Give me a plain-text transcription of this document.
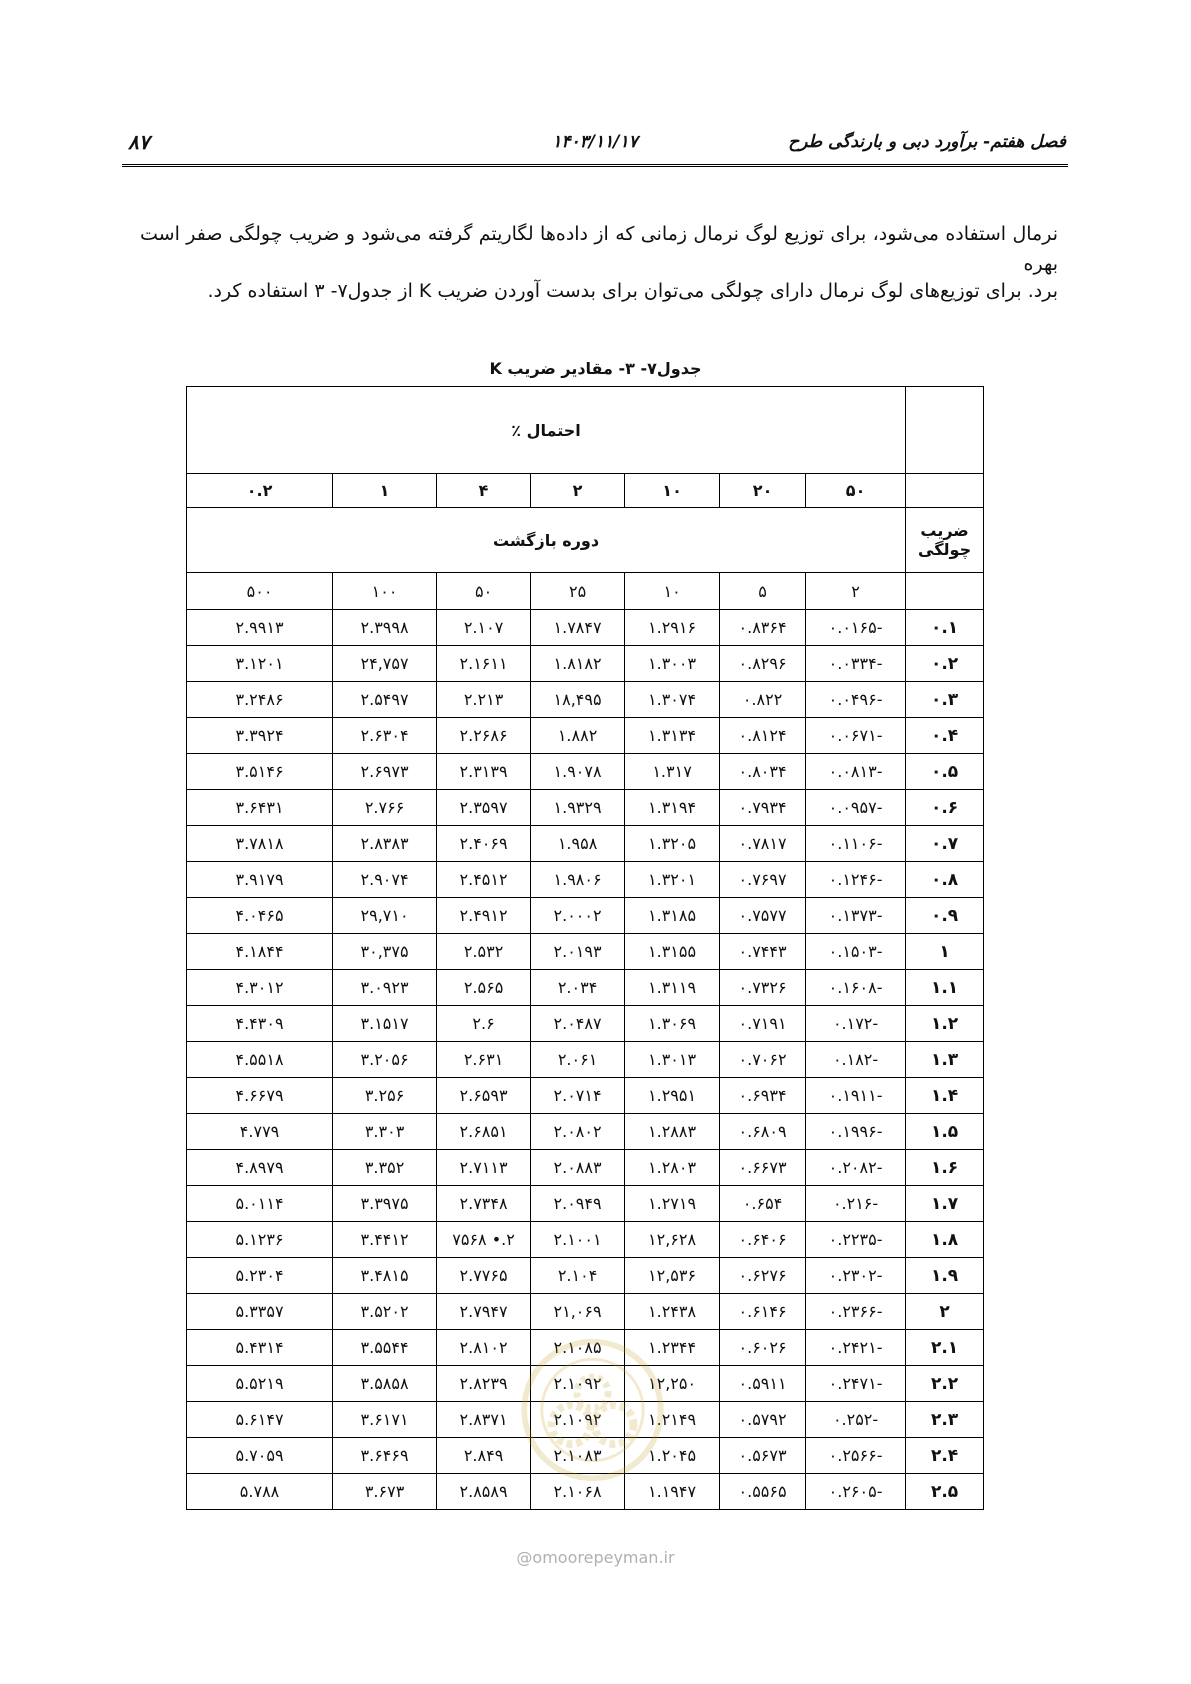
۸۷	۱۴۰۳/۱۱/۱۷	فصل هفتم- برآورد دبی و بارندگی طرح
نرمال استفاده می‌شود، برای توزیع لوگ نرمال زمانی که از داده‌ها لگاریتم گرفته می‌شود و ضریب چولگی صفر است بهره
برد. برای توزیع‌های لوگ نرمال دارای چولگی می‌توان برای بدست آوردن ضریب K از جدول۷- ۳ استفاده کرد.
جدول۷- ۳- مقادیر ضریب K
	احتمال ٪						
	۵۰	۲۰	۱۰	۲	۴	۱	۰.۲
ضریب چولگی	دوره بازگشت						
	۲	۵	۱۰	۲۵	۵۰	۱۰۰	۵۰۰
۰.۱	-۰.۰۱۶۵	۰.۸۳۶۴	۱.۲۹۱۶	۱.۷۸۴۷	۲.۱۰۷	۲.۳۹۹۸	۲.۹۹۱۳
۰.۲	-۰.۰۳۳۴	۰.۸۲۹۶	۱.۳۰۰۳	۱.۸۱۸۲	۲.۱۶۱۱	۲۴,۷۵۷	۳.۱۲۰۱
۰.۳	-۰.۰۴۹۶	۰.۸۲۲	۱.۳۰۷۴	۱۸,۴۹۵	۲.۲۱۳	۲.۵۴۹۷	۳.۲۴۸۶
۰.۴	-۰.۰۶۷۱	۰.۸۱۲۴	۱.۳۱۳۴	۱.۸۸۲	۲.۲۶۸۶	۲.۶۳۰۴	۳.۳۹۲۴
۰.۵	-۰.۰۸۱۳	۰.۸۰۳۴	۱.۳۱۷	۱.۹۰۷۸	۲.۳۱۳۹	۲.۶۹۷۳	۳.۵۱۴۶
۰.۶	-۰.۰۹۵۷	۰.۷۹۳۴	۱.۳۱۹۴	۱.۹۳۲۹	۲.۳۵۹۷	۲.۷۶۶	۳.۶۴۳۱
۰.۷	-۰.۱۱۰۶	۰.۷۸۱۷	۱.۳۲۰۵	۱.۹۵۸	۲.۴۰۶۹	۲.۸۳۸۳	۳.۷۸۱۸
۰.۸	-۰.۱۲۴۶	۰.۷۶۹۷	۱.۳۲۰۱	۱.۹۸۰۶	۲.۴۵۱۲	۲.۹۰۷۴	۳.۹۱۷۹
۰.۹	-۰.۱۳۷۳	۰.۷۵۷۷	۱.۳۱۸۵	۲.۰۰۰۲	۲.۴۹۱۲	۲۹,۷۱۰	۴.۰۴۶۵
۱	-۰.۱۵۰۳	۰.۷۴۴۳	۱.۳۱۵۵	۲.۰۱۹۳	۲.۵۳۲	۳۰,۳۷۵	۴.۱۸۴۴
۱.۱	-۰.۱۶۰۸	۰.۷۳۲۶	۱.۳۱۱۹	۲.۰۳۴	۲.۵۶۵	۳.۰۹۲۳	۴.۳۰۱۲
۱.۲	-۰.۱۷۲	۰.۷۱۹۱	۱.۳۰۶۹	۲.۰۴۸۷	۲.۶	۳.۱۵۱۷	۴.۴۳۰۹
۱.۳	-۰.۱۸۲	۰.۷۰۶۲	۱.۳۰۱۳	۲.۰۶۱	۲.۶۳۱	۳.۲۰۵۶	۴.۵۵۱۸
۱.۴	-۰.۱۹۱۱	۰.۶۹۳۴	۱.۲۹۵۱	۲.۰۷۱۴	۲.۶۵۹۳	۳.۲۵۶	۴.۶۶۷۹
۱.۵	-۰.۱۹۹۶	۰.۶۸۰۹	۱.۲۸۸۳	۲.۰۸۰۲	۲.۶۸۵۱	۳.۳۰۳	۴.۷۷۹
۱.۶	-۰.۲۰۸۲	۰.۶۶۷۳	۱.۲۸۰۳	۲.۰۸۸۳	۲.۷۱۱۳	۳.۳۵۲	۴.۸۹۷۹
۱.۷	-۰.۲۱۶	۰.۶۵۴	۱.۲۷۱۹	۲.۰۹۴۹	۲.۷۳۴۸	۳.۳۹۷۵	۵.۰۱۱۴
۱.۸	-۰.۲۲۳۵	۰.۶۴۰۶	۱۲,۶۲۸	۲.۱۰۰۱	۲.• ۷۵۶۸	۳.۴۴۱۲	۵.۱۲۳۶
۱.۹	-۰.۲۳۰۲	۰.۶۲۷۶	۱۲,۵۳۶	۲.۱۰۴	۲.۷۷۶۵	۳.۴۸۱۵	۵.۲۳۰۴
۲	-۰.۲۳۶۶	۰.۶۱۴۶	۱.۲۴۳۸	۲۱,۰۶۹	۲.۷۹۴۷	۳.۵۲۰۲	۵.۳۳۵۷
۲.۱	-۰.۲۴۲۱	۰.۶۰۲۶	۱.۲۳۴۴	۲.۱۰۸۵	۲.۸۱۰۲	۳.۵۵۴۴	۵.۴۳۱۴
۲.۲	-۰.۲۴۷۱	۰.۵۹۱۱	۱۲,۲۵۰	۲.۱۰۹۲	۲.۸۲۳۹	۳.۵۸۵۸	۵.۵۲۱۹
۲.۳	-۰.۲۵۲	۰.۵۷۹۲	۱.۲۱۴۹	۲.۱۰۹۲	۲.۸۳۷۱	۳.۶۱۷۱	۵.۶۱۴۷
۲.۴	-۰.۲۵۶۶	۰.۵۶۷۳	۱.۲۰۴۵	۲.۱۰۸۳	۲.۸۴۹	۳.۶۴۶۹	۵.۷۰۵۹
۲.۵	-۰.۲۶۰۵	۰.۵۵۶۵	۱.۱۹۴۷	۲.۱۰۶۸	۲.۸۵۸۹	۳.۶۷۳	۵.۷۸۸
@omoorepeyman.ir
